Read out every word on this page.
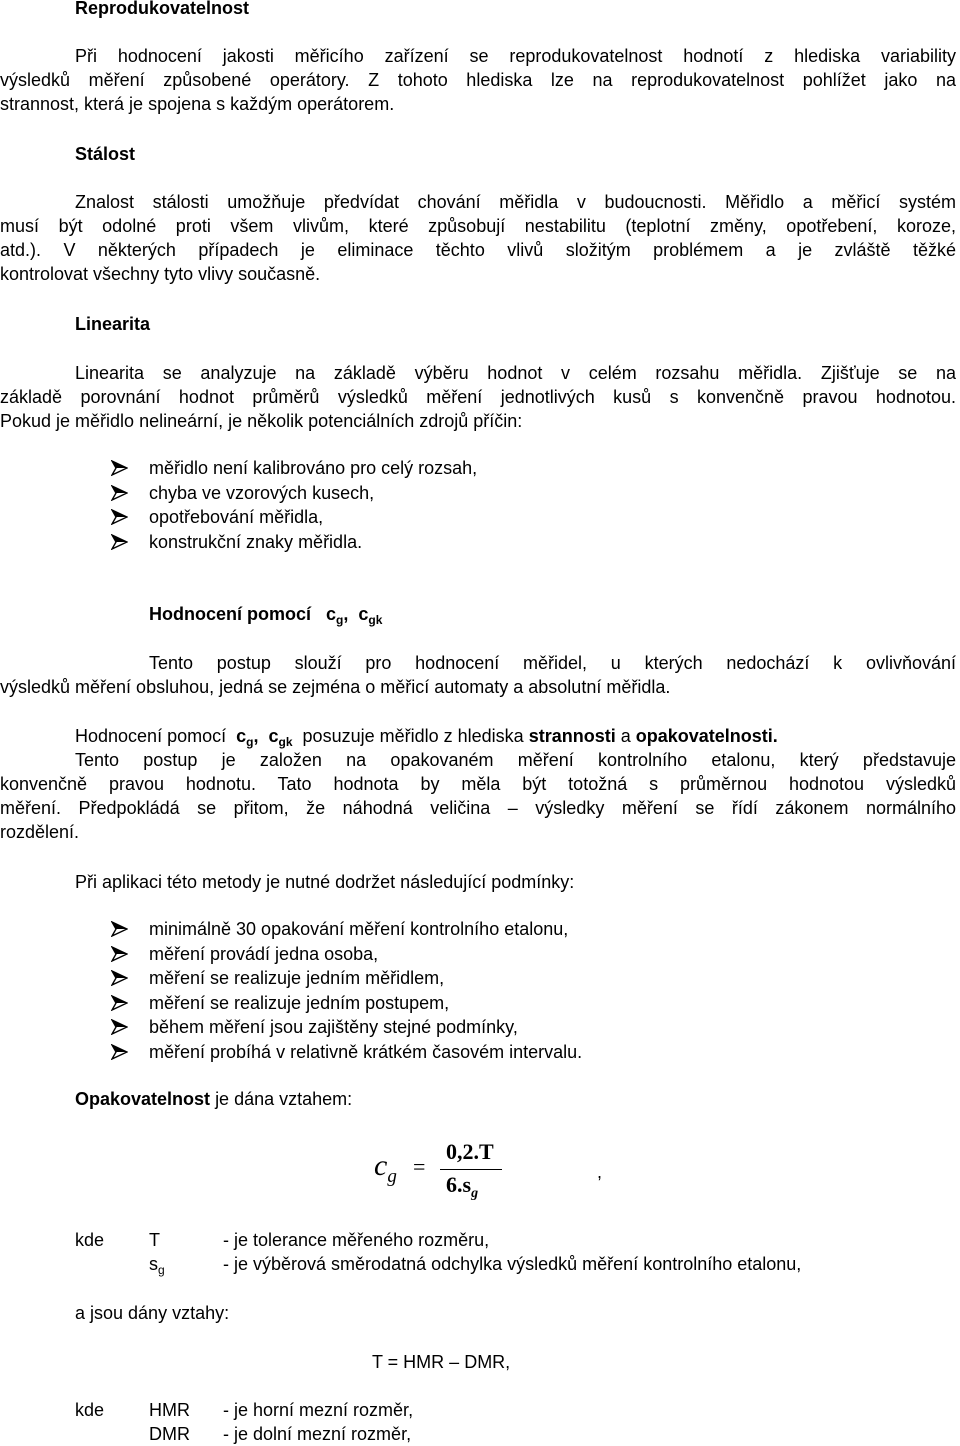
Reprodukovatelnost
Při hodnocení jakosti měřicího zařízení se reprodukovatelnost hodnotí z hlediska variability
výsledků měření způsobené operátory. Z tohoto hlediska lze na reprodukovatelnost pohlížet jako na
strannost, která je spojena s každým operátorem.
Stálost
Znalost stálosti umožňuje předvídat chování měřidla v budoucnosti. Měřidlo a měřicí systém
musí být odolné proti všem vlivům, které způsobují nestabilitu (teplotní změny, opotřebení, koroze,
atd.). V některých případech je eliminace těchto vlivů složitým problémem a je zvláště těžké
kontrolovat všechny tyto vlivy současně.
Linearita
Linearita se analyzuje na základě výběru hodnot v celém rozsahu měřidla. Zjišťuje se na
základě porovnání hodnot průměrů výsledků měření jednotlivých kusů s konvenčně pravou hodnotou.
Pokud je měřidlo nelineární, je několik potenciálních zdrojů příčin:
měřidlo není kalibrováno pro celý rozsah,
chyba ve vzorových kusech,
opotřebování měřidla,
konstrukční znaky měřidla.
Hodnocení pomocí $c_g$, $c_{gk}$
Tento postup slouží pro hodnocení měřidel, u kterých nedochází k ovlivňování
výsledků měření obsluhou, jedná se zejména o měřicí automaty a absolutní měřidla.
Hodnocení pomocí $c_g$, $c_{gk}$ posuzuje měřidlo z hlediska strannosti a opakovatelnosti.
Tento postup je založen na opakovaném měření kontrolního etalonu, který představuje
konvenčně pravou hodnotu. Tato hodnota by měla být totožná s průměrnou hodnotou výsledků
měření. Předpokládá se přitom, že náhodná veličina – výsledky měření se řídí zákonem normálního
rozdělení.
Při aplikaci této metody je nutné dodržet následující podmínky:
minimálně 30 opakování měření kontrolního etalonu,
měření provádí jedna osoba,
měření se realizuje jedním měřidlem,
měření se realizuje jedním postupem,
během měření jsou zajištěny stejné podmínky,
měření probíhá v relativně krátkém časovém intervalu.
Opakovatelnost je dána vztahem:
$c_g$ =
0,2.T
$6.s_g$
,
kde T	- je tolerance měřeného rozměru,
$s_g$	- je výběrová směrodatná odchylka výsledků měření kontrolního etalonu,
a jsou dány vztahy:
T = HMR – DMR,
kde HMR - je horní mezní rozměr,
DMR - je dolní mezní rozměr,
